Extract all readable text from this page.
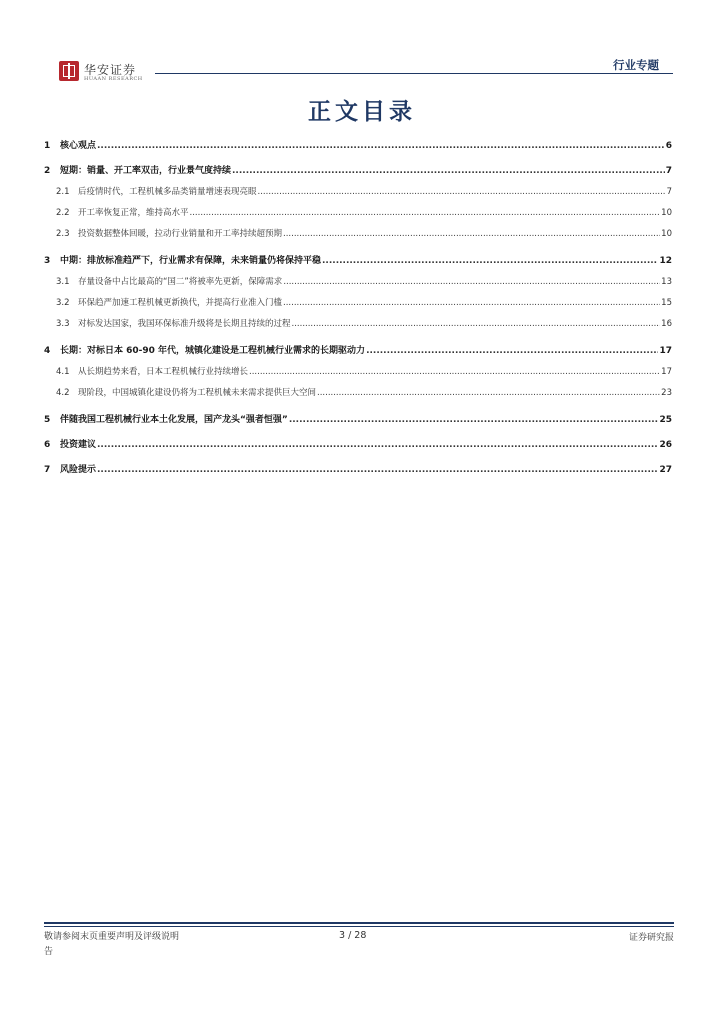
华安证券
HUAAN RESEARCH
行业专题
正文目录
1	核心观点 .....	6
2	短期：销量、开工率双击，行业景气度持续 .....	7
2.1 后疫情时代，工程机械多品类销量增速表现亮眼 .....	7
2.2 开工率恢复正常，维持高水平 .....	10
2.3 投资数据整体回暖，拉动行业销量和开工率持续超预期 .....	10
3	中期：排放标准趋严下，行业需求有保障，未来销量仍将保持平稳 .....	12
3.1 存量设备中占比最高的“国二”将被率先更新，保障需求 .....	13
3.2 环保趋严加速工程机械更新换代，并提高行业准入门槛 .....	15
3.3 对标发达国家，我国环保标准升级将是长期且持续的过程 .....	16
4	长期：对标日本 60-90 年代，城镇化建设是工程机械行业需求的长期驱动力 .....	17
4.1 从长期趋势来看，日本工程机械行业持续增长 .....	17
4.2 现阶段，中国城镇化建设仍将为工程机械未来需求提供巨大空间 .....	23
5	伴随我国工程机械行业本土化发展，国产龙头“强者恒强” .....	25
6	投资建议 .....	26
7	风险提示 .....	27
敬请参阅末页重要声明及评级说明
告
3 / 28	证券研究报
